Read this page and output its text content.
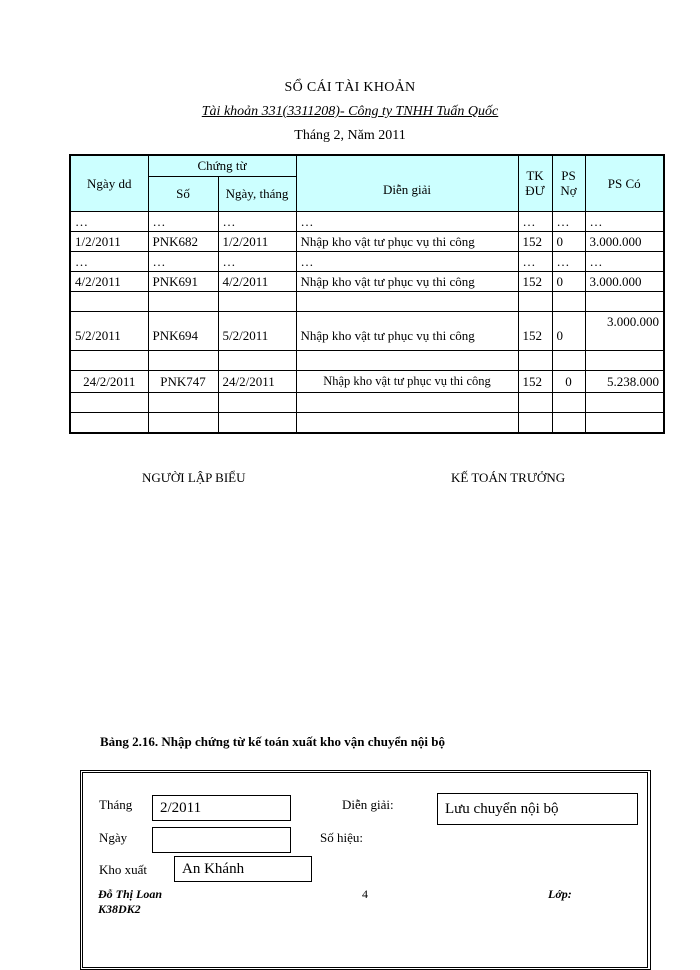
SỔ CÁI TÀI KHOẢN
Tài khoản 331(3311208)- Công ty TNHH Tuấn Quốc
Tháng 2, Năm 2011
Ngày dd	Chứng từ		Diễn giải	TK ĐƯ	PS Nợ	PS Có
	Số	Ngày, tháng				
…	…	…	…	…	…	…
1/2/2011	PNK682	1/2/2011	Nhập kho vật tư phục vụ thi công	152	0	3.000.000
…	…	…	…	…	…	…
4/2/2011	PNK691	4/2/2011	Nhập kho vật tư phục vụ thi công	152	0	3.000.000

5/2/2011	PNK694	5/2/2011	Nhập kho vật tư phục vụ thi công	152	0	3.000.000

24/2/2011	PNK747	24/2/2011	Nhập kho vật tư phục vụ thi công	152	0	5.238.000

NGƯỜI LẬP BIỂU	KẾ TOÁN TRƯỞNG
Bảng 2.16. Nhập chứng từ kế toán xuất kho vận chuyển nội bộ
Tháng	2/2011	Diễn giải:	Lưu chuyển nội bộ
Ngày	Số hiệu:
Kho xuất	An Khánh
Đỗ Thị Loan
K38DK2
4	Lớp:
